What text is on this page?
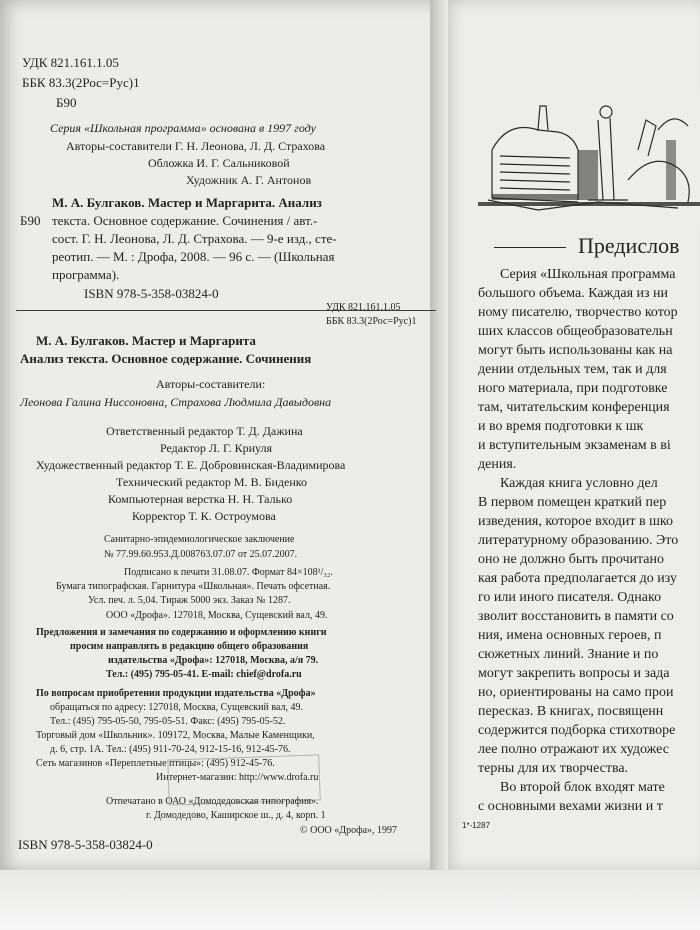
УДК 821.161.1.05
ББК 83.3(2Рос=Рус)1
Б90
Серия «Школьная программа» основана в 1997 году
Авторы-составители Г. Н. Леонова, Л. Д. Страхова
Обложка И. Г. Сальниковой
Художник А. Г. Антонов
М. А. Булгаков. Мастер и Маргарита. Анализ
Б90 текста. Основное содержание. Сочинения / авт.-
сост. Г. Н. Леонова, Л. Д. Страхова. — 9-е изд., сте-
реотип. — М. : Дрофа, 2008. — 96 с. — (Школьная
программа).
ISBN 978-5-358-03824-0
УДК 821.161.1.05
ББК 83.3(2Рос=Рус)1
М. А. Булгаков. Мастер и Маргарита
Анализ текста. Основное содержание. Сочинения
Авторы-составители:
Леонова Галина Ниссоновна, Страхова Людмила Давыдовна
Ответственный редактор Т. Д. Дажина
Редактор Л. Г. Криуля
Художественный редактор Т. Е. Добровинская-Владимирова
Технический редактор М. В. Биденко
Компьютерная верстка Н. Н. Талько
Корректор Т. К. Остроумова
Санитарно-эпидемиологическое заключение
№ 77.99.60.953.Д.008763.07.07 от 25.07.2007.
Подписано к печати 31.08.07. Формат 84×108¹/₃₂.
Бумага типографская. Гарнитура «Школьная». Печать офсетная.
Усл. печ. л. 5,04. Тираж 5000 экз. Заказ № 1287.
ООО «Дрофа». 127018, Москва, Сущевский вал, 49.
Предложения и замечания по содержанию и оформлению книги
просим направлять в редакцию общего образования
издательства «Дрофа»: 127018, Москва, а/я 79.
Тел.: (495) 795-05-41. E-mail: chief@drofa.ru
По вопросам приобретения продукции издательства «Дрофа»
обращаться по адресу: 127018, Москва, Сущевский вал, 49.
Тел.: (495) 795-05-50, 795-05-51. Факс: (495) 795-05-52.
Торговый дом «Школьник». 109172, Москва, Малые Каменщики,
д. 6, стр. 1А. Тел.: (495) 911-70-24, 912-15-16, 912-45-76.
Сеть магазинов «Переплетные птицы»: (495) 912-45-76.
Интернет-магазин: http://www.drofa.ru

Отпечатано в ОАО «Домодедовская типография».
г. Домодедово, Каширское ш., д. 4, корп. 1
© ООО «Дрофа», 1997
ISBN 978-5-358-03824-0
Предислов
Серия «Школьная программа
большого объема. Каждая из ни
ному писателю, творчество котор
ших классов общеобразовательн
могут быть использованы как на
дении отдельных тем, так и для
ного материала, при подготовке
там, читательским конференция
и во время подготовки к шк
и вступительным экзаменам в ві
дения.
Каждая книга условно дел
В первом помещен краткий пер
изведения, которое входит в шко
литературному образованию. Это
оно не должно быть прочитано
кая работа предполагается до изу
го или иного писателя. Однако
зволит восстановить в памяти со
ния, имена основных героев, п
сюжетных линий. Знание и по
могут закрепить вопросы и зада
но, ориентированы на само прои
пересказ. В книгах, посвященн
содержится подборка стихотворе
лее полно отражают их художес
терны для их творчества.
Во второй блок входят мате
с основными вехами жизни и т
1*-1287
